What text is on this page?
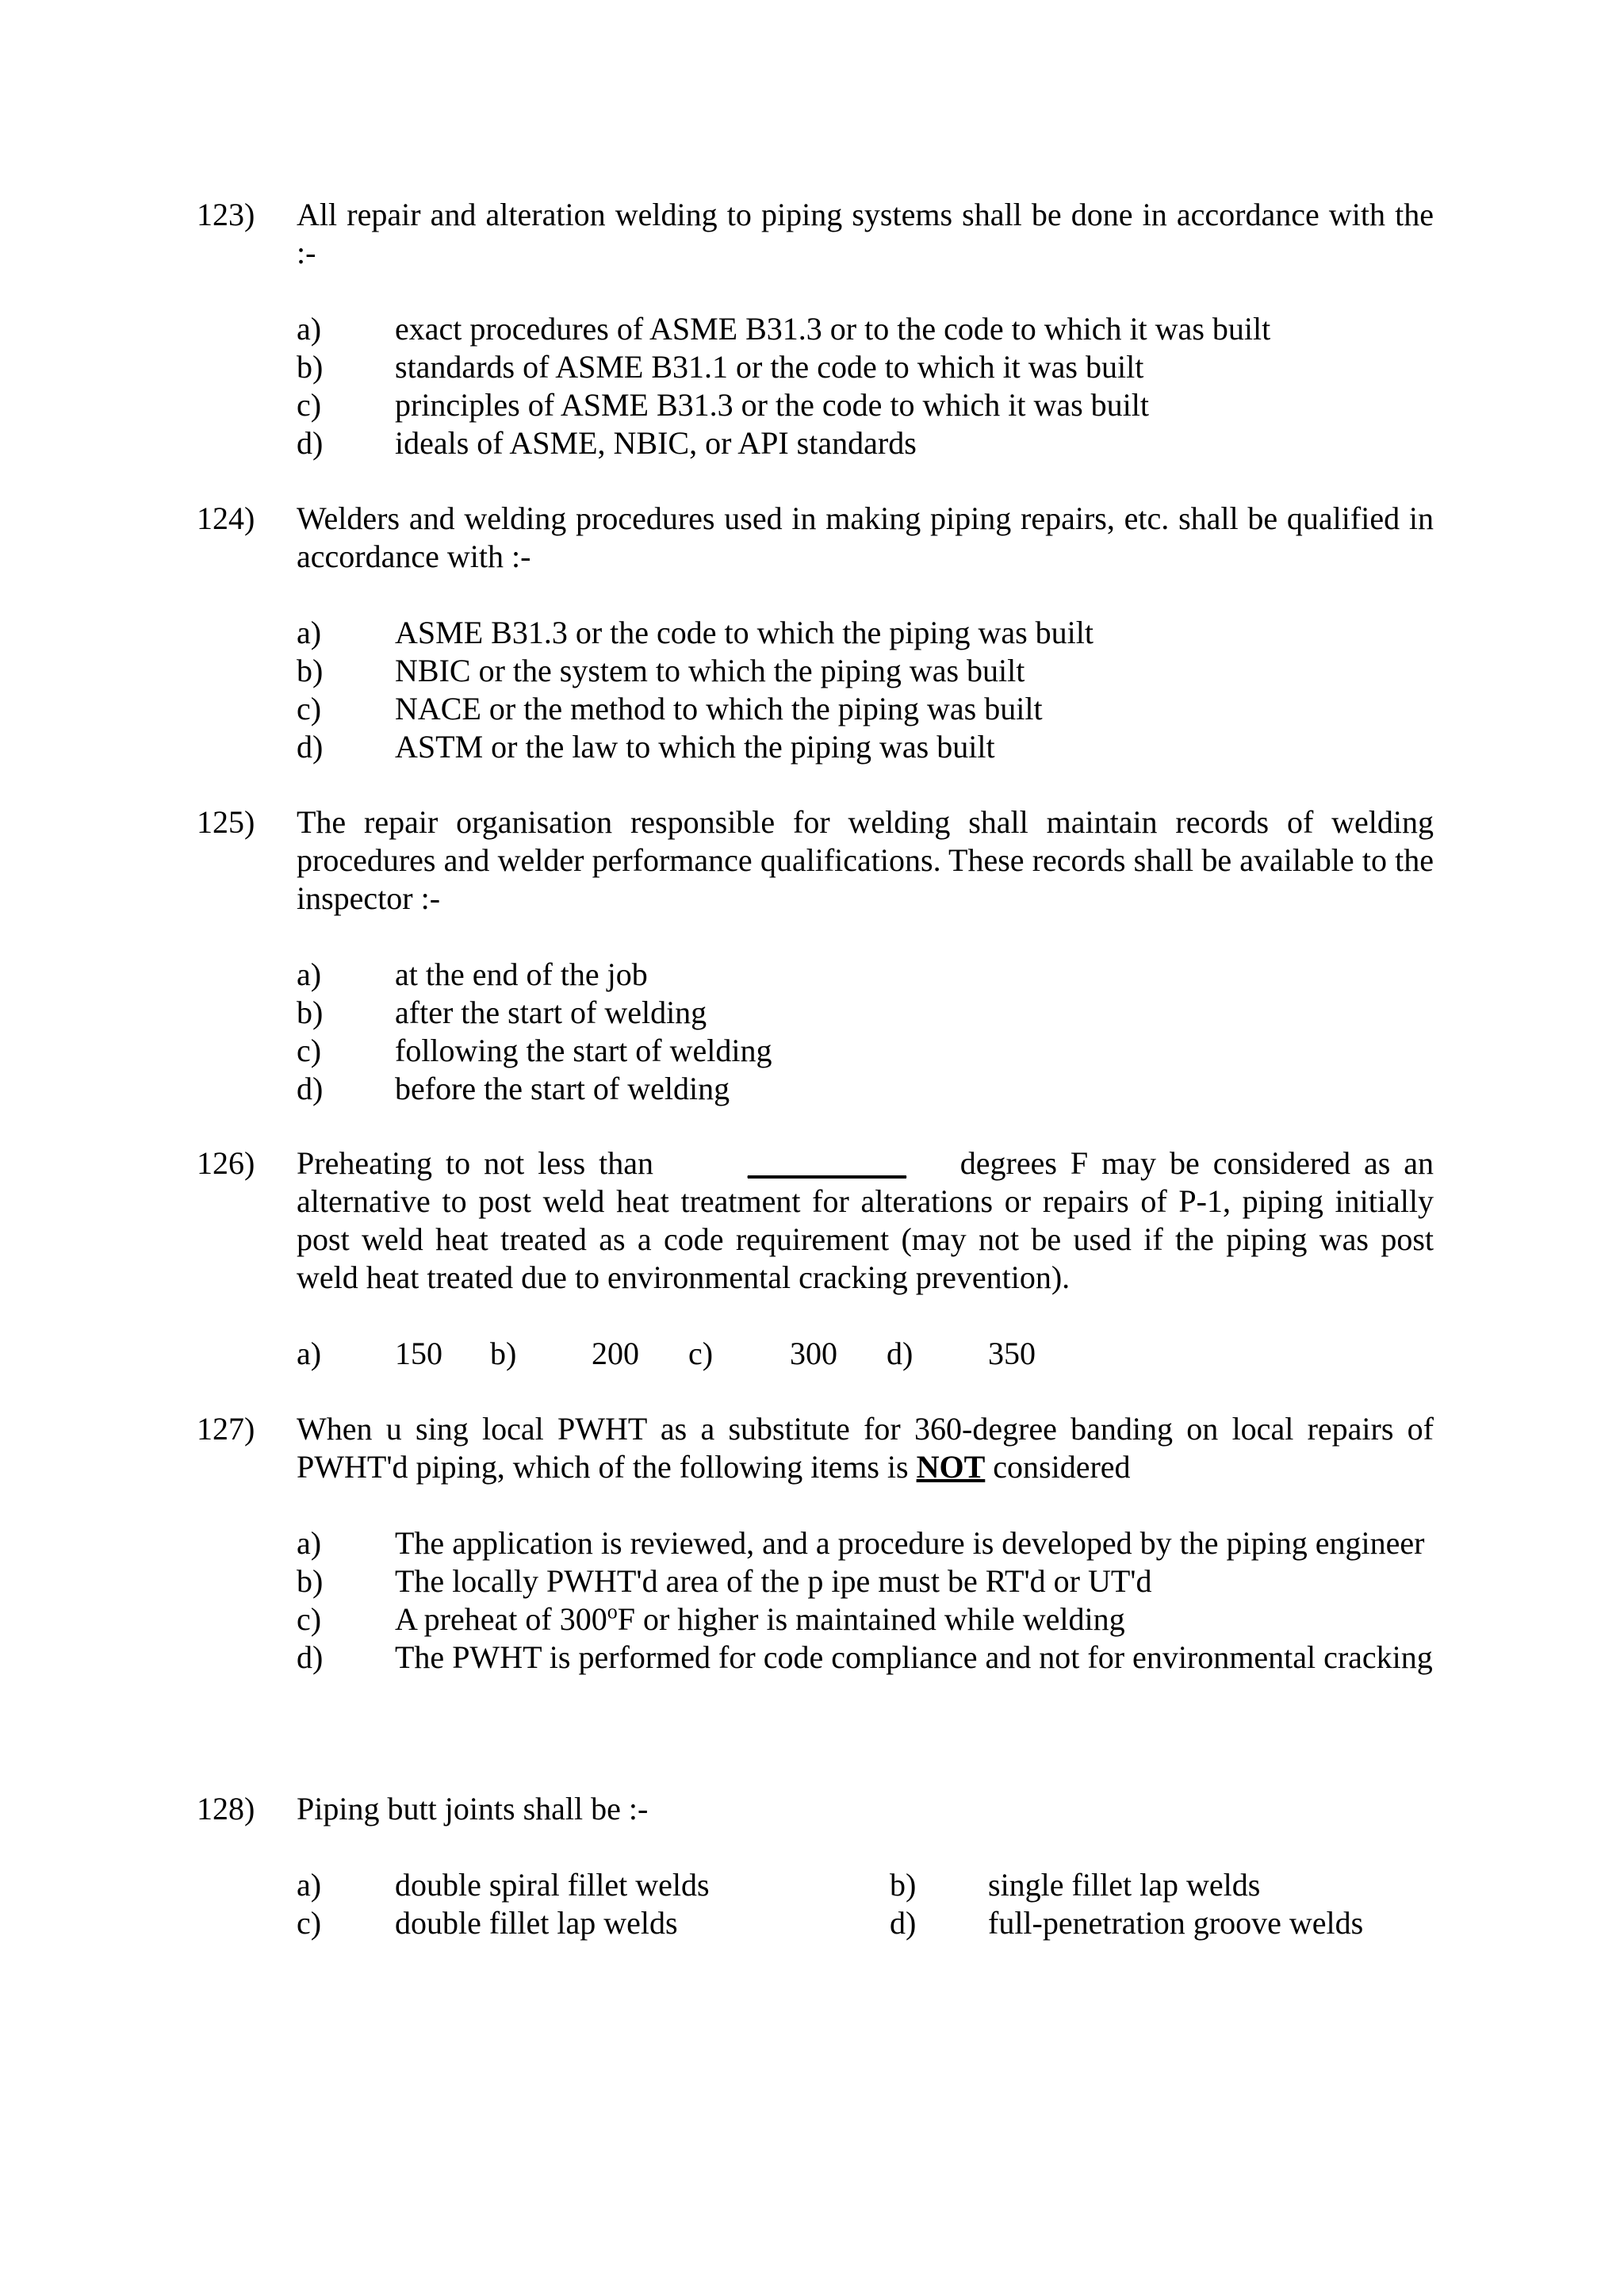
123)	All repair and alteration welding to piping systems shall be done in accordance with the :-
a) exact procedures of ASME B31.3 or to the code to which it was built
b) standards of ASME B31.1 or the code to which it was built
c) principles of ASME B31.3 or the code to which it was built
d) ideals of ASME, NBIC, or API standards
124)	Welders and welding procedures used in making piping repairs, etc. shall be qualified in accordance with :-
a) ASME B31.3 or the code to which the piping was built
b) NBIC or the system to which the piping was built
c) NACE or the method to which the piping was built
d) ASTM or the law to which the piping was built
125)	The repair organisation responsible for welding shall maintain records of welding procedures and welder performance qualifications. These records shall be available to the inspector :-
a) at the end of the job
b) after the start of welding
c) following the start of welding
d) before the start of welding
126)	Preheating to not less than	__________ degrees F may be considered as an alternative to post weld heat treatment for alterations or repairs of P-1, piping initially post weld heat treated as a code requirement (may not be used if the piping was post weld heat treated due to environmental cracking prevention).
a) 150 b) 200 c) 300 d) 350
127)	When u sing local PWHT as a substitute for 360-degree banding on local repairs of PWHT'd piping, which of the following items is NOT considered
a) The application is reviewed, and a procedure is developed by the piping engineer
b) The locally PWHT'd area of the p ipe must be RT'd or UT'd
c) A preheat of 300$^o$F or higher is maintained while welding
d) The PWHT is performed for code compliance and not for environmental cracking
128)	Piping butt joints shall be :-
a) double spiral fillet welds	b) single fillet lap welds
c) double fillet lap welds	d) full-penetration groove welds
